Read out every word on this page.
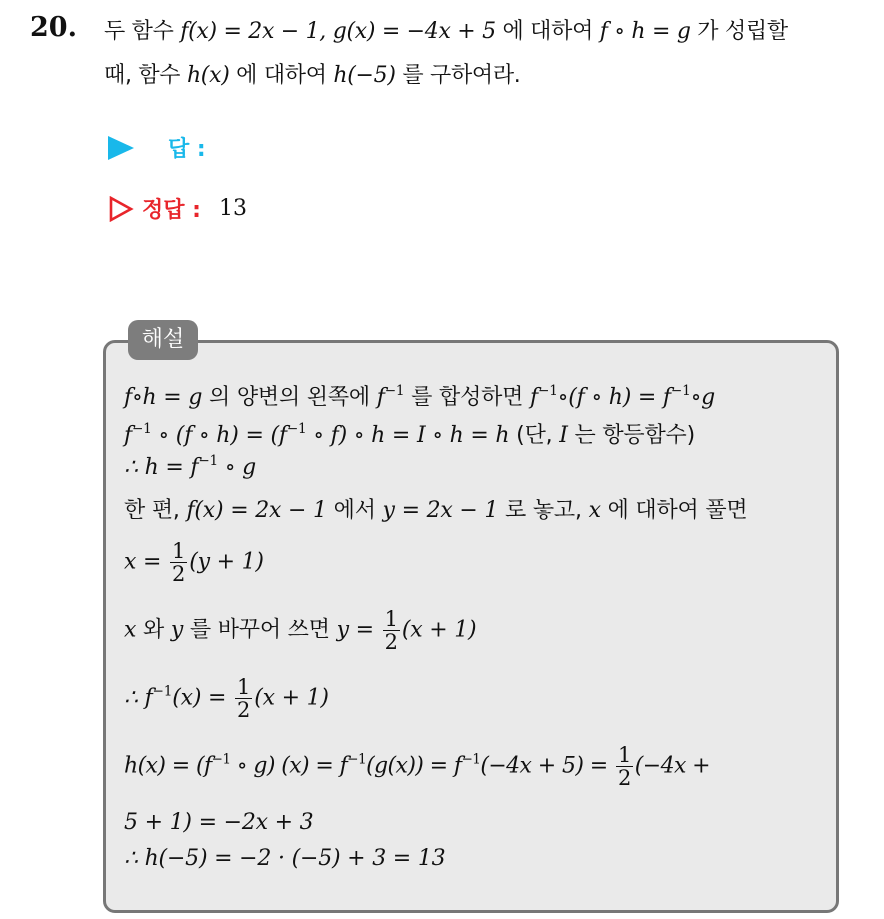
20. 두 함수 f(x) = 2x − 1, g(x) = −4x + 5 에 대하여 f ∘ h = g 가 성립할
때, 함수 h(x) 에 대하여 h(−5) 를 구하여라.
답 :
정답 : 13
해설
f∘h = g 의 양변의 왼쪽에 $f^{-1}$ 를 합성하면 $f^{-1}\circ(f$ ∘ $h) = f^{-1}\circ g$
$f^{-1}$ ∘ (f ∘ $h) = (f^{-1}$ ∘ f) ∘ h = I ∘ h = h (단, I 는 항등함수)
∴ $h = f^{-1}$ ∘ g
한 편, f(x) = 2x − 1 에서 y = 2x − 1 로 놓고, x 에 대하여 풀면
$x = \frac{1}{2} (y + 1)$
x 와 y 를 바꾸어 쓰면 $y = \frac{1}{2} (x + 1)$
∴ $f^{-1}(x) = \frac{1}{2} (x + 1)$
$h(x) = (f^{-1}$ ∘ g) $(x) = f^{-1}(g(x)) = f^{-1}(-4x + 5) = \frac{1}{2} (-4x$ +
5 + 1) = −2x + 3
∴ h(−5) = −2 · (−5) + 3 = 13
